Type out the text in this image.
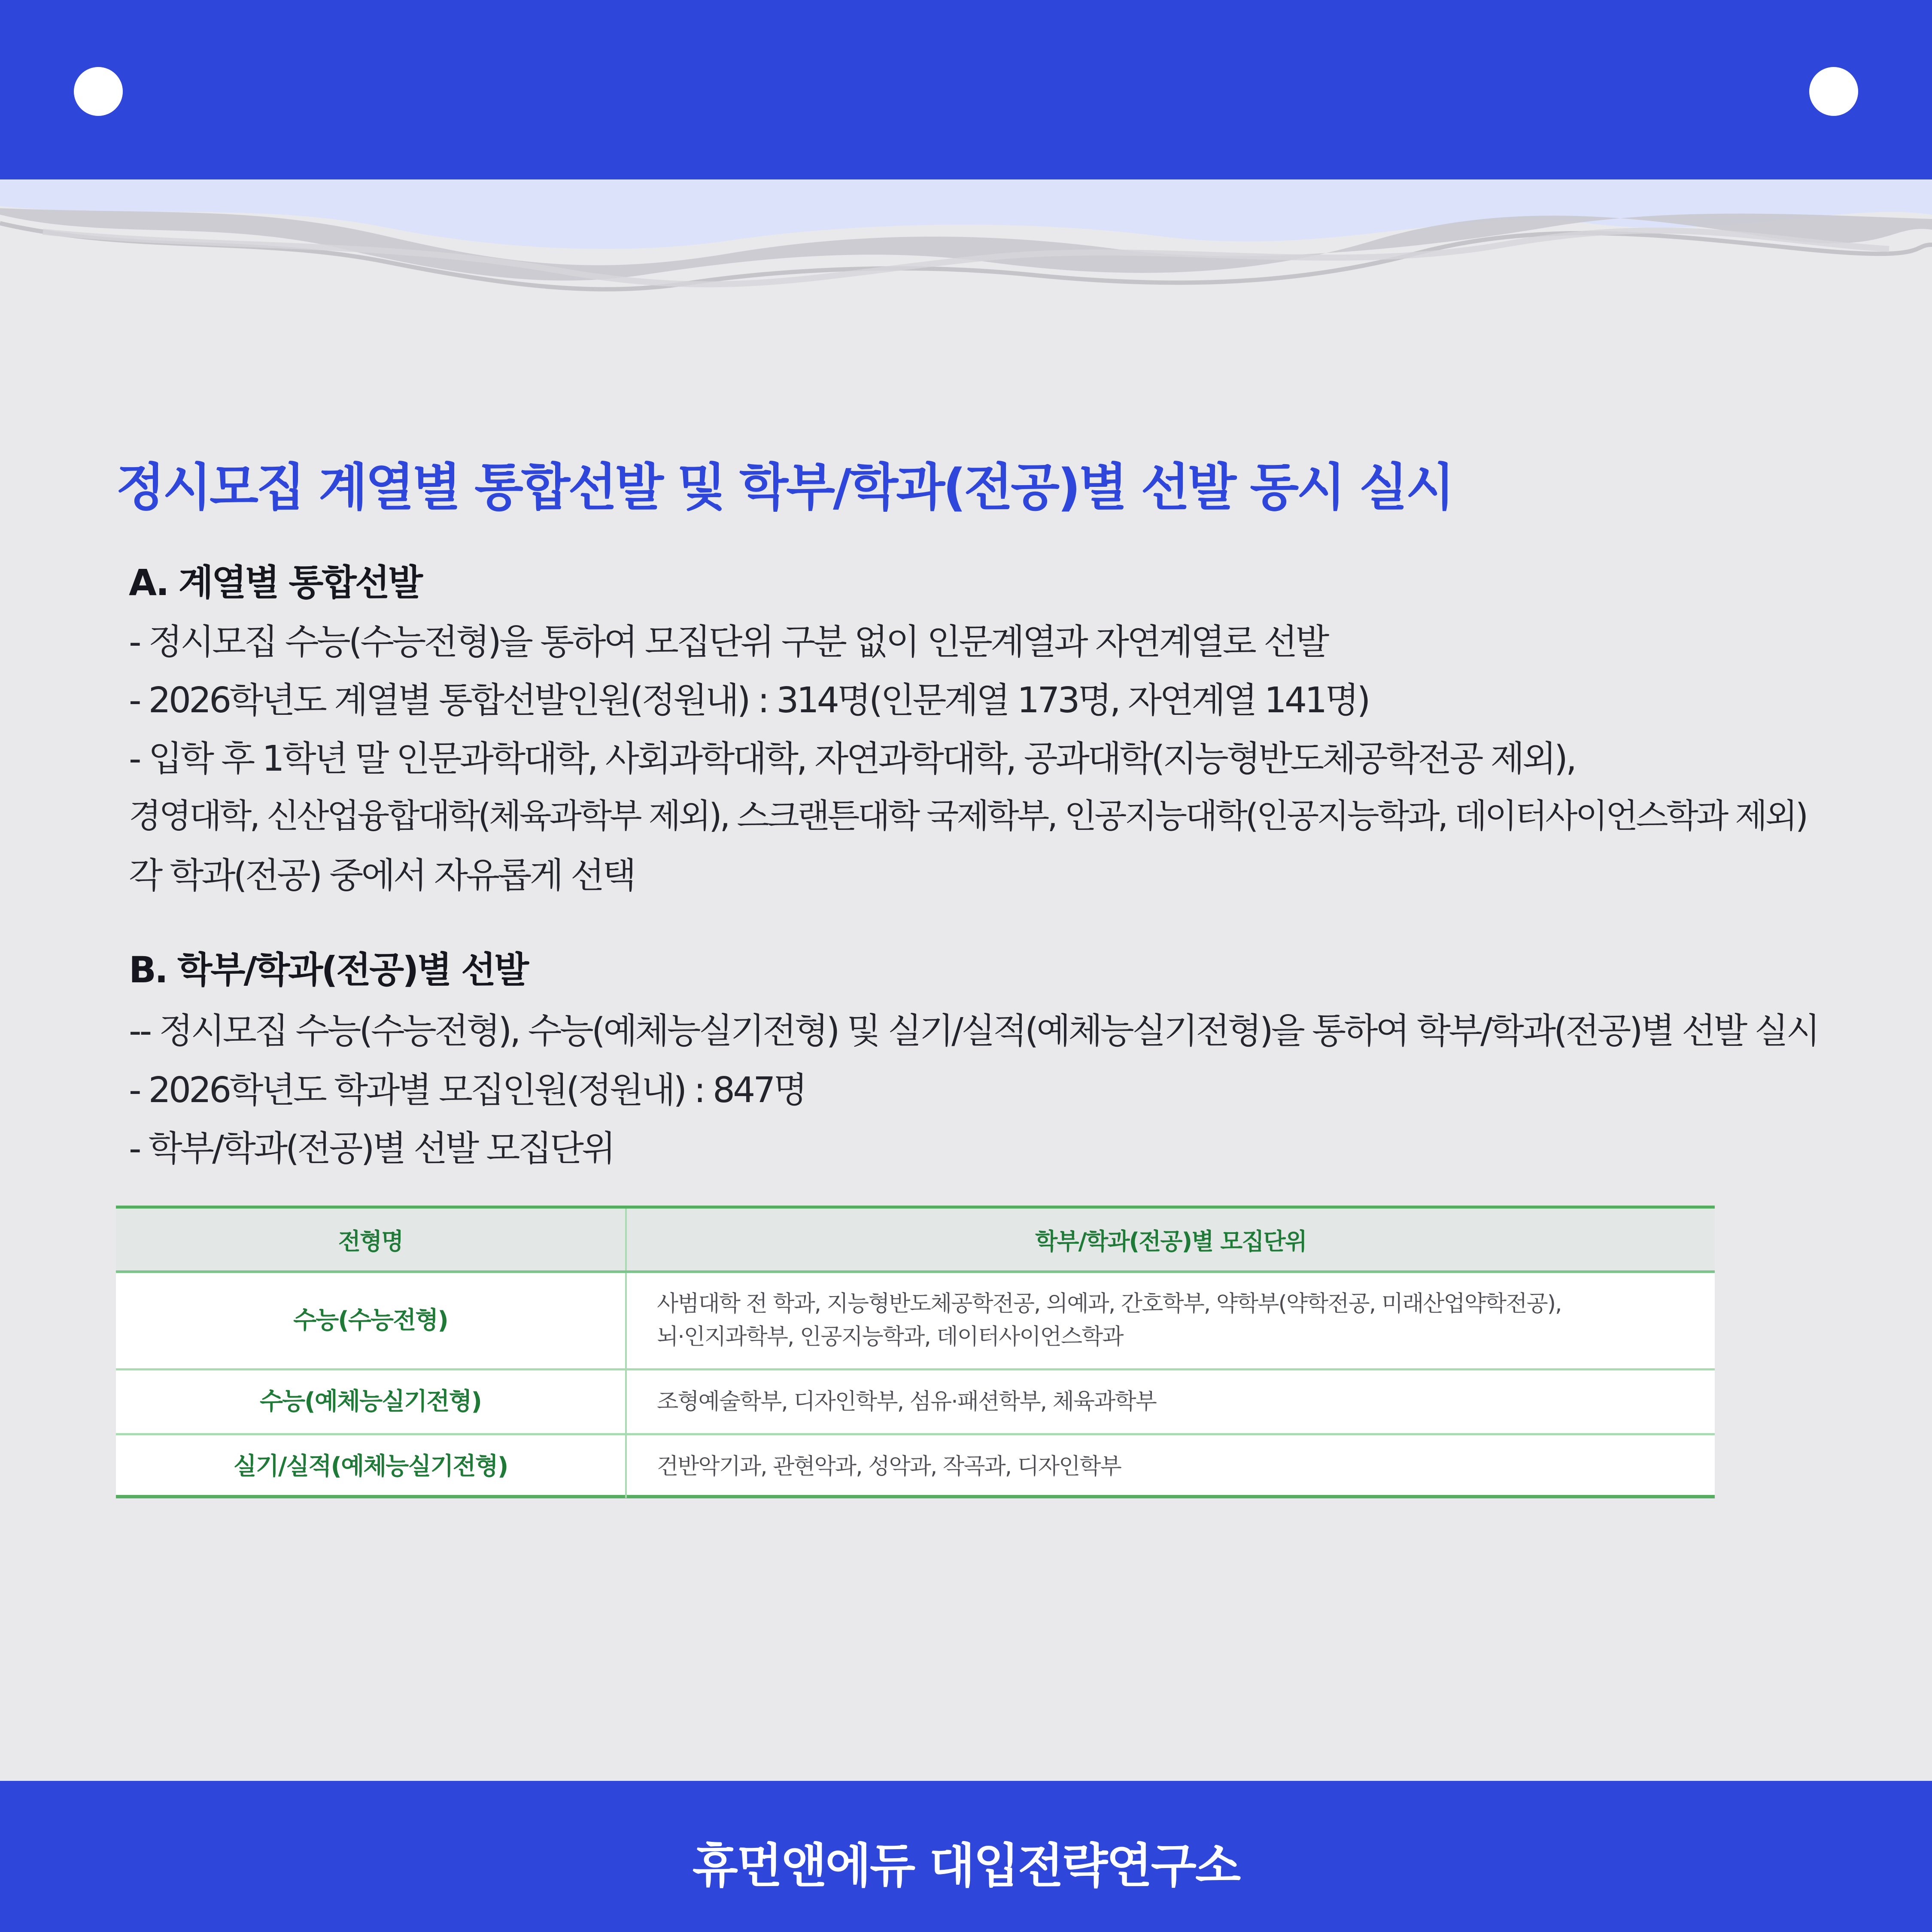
정시모집 계열별 통합선발 및 학부/학과(전공)별 선발 동시 실시
A. 계열별 통합선발

- 정시모집 수능(수능전형)을 통하여 모집단위 구분 없이 인문계열과 자연계열로 선발

- 2026학년도 계열별 통합선발인원(정원내) : 314명(인문계열 173명, 자연계열 141명)

- 입학 후 1학년 말 인문과학대학, 사회과학대학, 자연과학대학, 공과대학(지능형반도체공학전공 제외),

경영대학, 신산업융합대학(체육과학부 제외), 스크랜튼대학 국제학부, 인공지능대학(인공지능학과, 데이터사이언스학과 제외)

각 학과(전공) 중에서 자유롭게 선택

B. 학부/학과(전공)별 선발

-- 정시모집 수능(수능전형), 수능(예체능실기전형) 및 실기/실적(예체능실기전형)을 통하여 학부/학과(전공)별 선발 실시

- 2026학년도 학과별 모집인원(정원내) : 847명

- 학부/학과(전공)별 선발 모집단위

전형명	학부/학과(전공)별 모집단위
수능(수능전형)	사범대학 전 학과, 지능형반도체공학전공, 의예과, 간호학부, 약학부(약학전공, 미래산업약학전공),
뇌·인지과학부, 인공지능학과, 데이터사이언스학과

수능(예체능실기전형)	조형예술학부, 디자인학부, 섬유·패션학부, 체육과학부

실기/실적(예체능실기전형)	건반악기과, 관현악과, 성악과, 작곡과, 디자인학부

휴먼앤에듀 대입전략연구소
